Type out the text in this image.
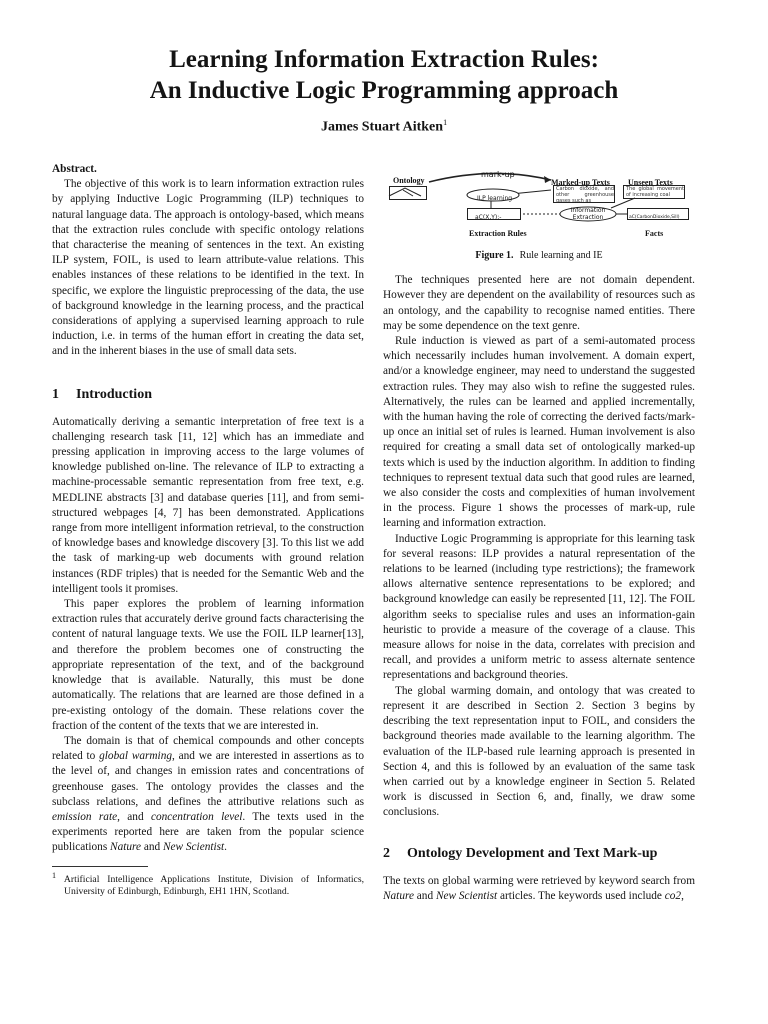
Learning Information Extraction Rules:
An Inductive Logic Programming approach
James Stuart Aitken$^1$
Abstract.

The objective of this work is to learn information extraction rules by applying Inductive Logic Programming (ILP) techniques to natural language data. The approach is ontology-based, which means that the extraction rules conclude with specific ontology relations that characterise the meaning of sentences in the text. An existing ILP system, FOIL, is used to learn attribute-value relations. This enables instances of these relations to be identified in the text. In specific, we explore the linguistic preprocessing of the data, the use of background knowledge in the learning process, and the practical considerations of applying a supervised learning approach to rule induction, i.e. in terms of the human effort in creating the data set, and in the inherent biases in the use of small data sets.

1 Introduction

Automatically deriving a semantic interpretation of free text is a challenging research task [11, 12] which has an immediate and pressing application in improving access to the large volumes of knowledge published on-line. The relevance of ILP to extracting a machine-processable semantic representation from free text, e.g. MEDLINE abstracts [3] and database queries [11], and from semi-structured webpages [4, 7] has been demonstrated. Applications range from more intelligent information retrieval, to the construction of knowledge bases and knowledge discovery [3]. To this list we add the task of marking-up web documents with ground relation instances (RDF triples) that is needed for the Semantic Web and the intelligent tools it promises.

This paper explores the problem of learning information extraction rules that accurately derive ground facts characterising the content of natural language texts. We use the FOIL ILP learner[13], and therefore the problem becomes one of constructing the appropriate representation of the text, and of the background knowledge that is available. Naturally, this must be done automatically. The relations that are learned are those defined in a pre-existing ontology of the domain. These relations cover the fraction of the content of the texts that we are interested in.

The domain is that of chemical compounds and other concepts related to global warming, and we are interested in assertions as to the level of, and changes in emission rates and concentrations of greenhouse gases. The ontology provides the classes and the subclass relations, and defines the attributive relations such as emission rate, and concentration level. The texts used in the experiments reported here are taken from the popular science publications Nature and New Scientist.

$^1$ Artificial Intelligence Applications Institute, Division of Informatics, University of Edinburgh, Edinburgh, EH1 1HN, Scotland.
Ontology
mark-up
Marked-up Texts Unseen Texts
Carbon dioxide, and other greenhouse gases such as
The global movement of increasing coal
ILP learning
aC(X,Y):-
Information Extraction	aC(CarbonDioxide,Sill)
Extraction Rules	Facts
Figure 1. Rule learning and IE

The techniques presented here are not domain dependent. However they are dependent on the availability of resources such as an ontology, and the capability to recognise named entities. There may be some dependence on the text genre.

Rule induction is viewed as part of a semi-automated process which necessarily includes human involvement. A domain expert, and/or a knowledge engineer, may need to understand the suggested extraction rules. They may also wish to refine the suggested rules. Alternatively, the rules can be learned and applied incrementally, with the human having the role of correcting the derived facts/mark-up once an initial set of rules is learned. Human involvement is also required for creating a small data set of ontologically marked-up texts which is used by the induction algorithm. In addition to finding techniques to represent textual data such that good rules are learned, we also consider the costs and complexities of human involvement in the process. Figure 1 shows the processes of mark-up, rule learning and information extraction.

Inductive Logic Programming is appropriate for this learning task for several reasons: ILP provides a natural representation of the relations to be learned (including type restrictions); the framework allows alternative sentence representations to be explored; and background knowledge can easily be represented [11, 12]. The FOIL algorithm seeks to specialise rules and uses an information-gain heuristic to provide a measure of the coverage of a clause. This measure allows for noise in the data, correlates with precision and recall, and provides a uniform metric to assess alternate sentence representations and background theories.

The global warming domain, and ontology that was created to represent it are described in Section 2. Section 3 begins by describing the text representation input to FOIL, and considers the background theories made available to the learning algorithm. The evaluation of the ILP-based rule learning approach is presented in Section 4, and this is followed by an evaluation of the same task when carried out by a knowledge engineer in Section 5. Related work is discussed in Section 6, and, finally, we draw some conclusions.

2 Ontology Development and Text Mark-up

The texts on global warming were retrieved by keyword search from Nature and New Scientist articles. The keywords used include co2,
